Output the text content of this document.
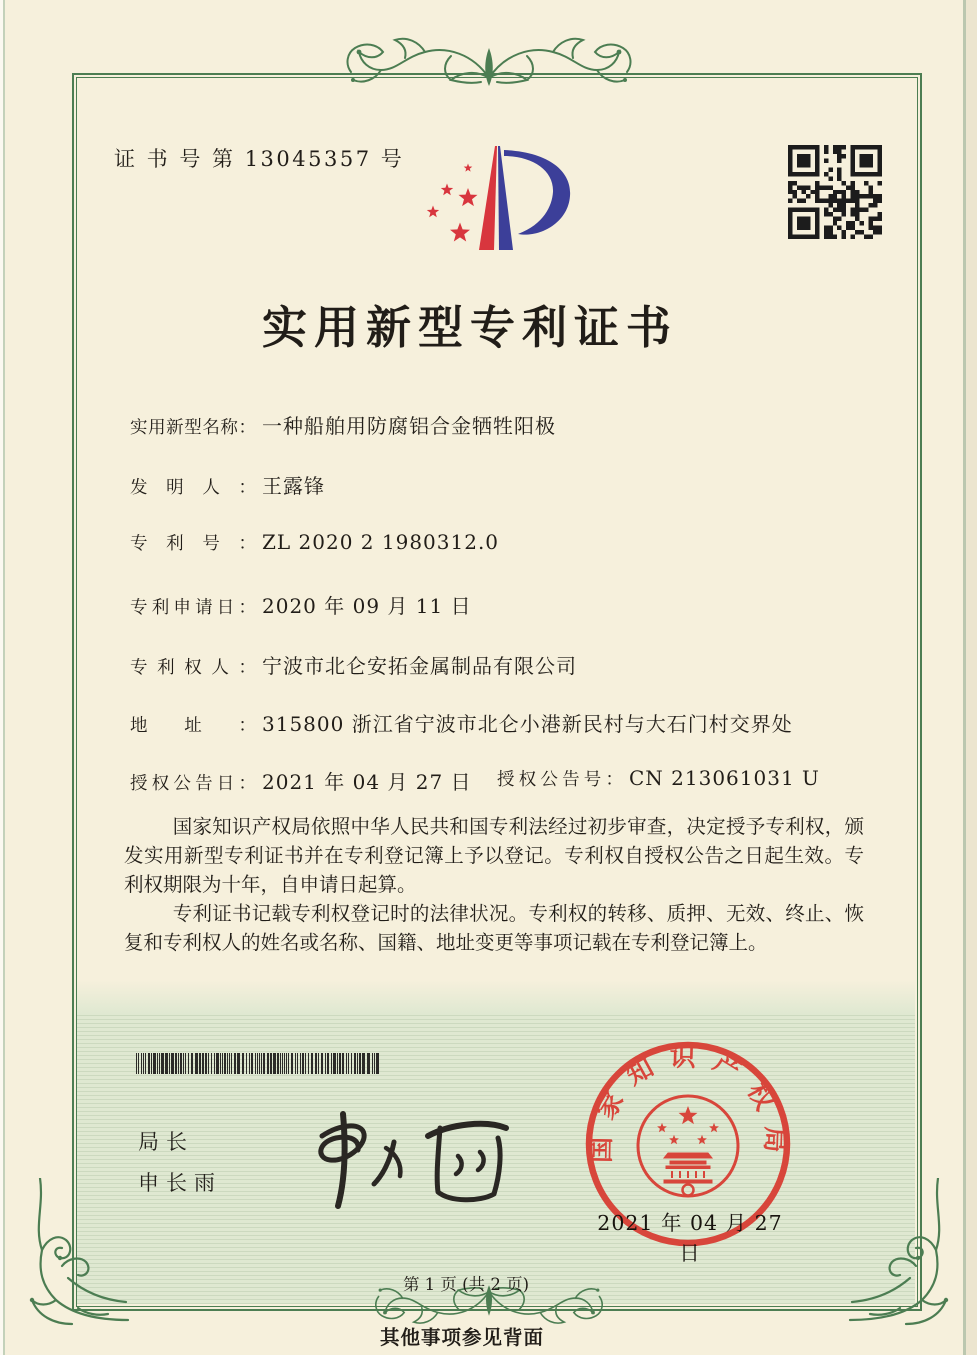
证 书 号 第 13045357 号
实用新型专利证书
实用新型名称： 一种船舶用防腐铝合金牺牲阳极
发明人： 王露锋
专利号： ZL 2020 2 1980312.0
专利申请日： 2020 年 09 月 11 日
专利权人： 宁波市北仑安拓金属制品有限公司
地址： 315800 浙江省宁波市北仑小港新民村与大石门村交界处
授权公告日： 2021 年 04 月 27 日 授权公告号： CN 213061031 U

国家知识产权局依照中华人民共和国专利法经过初步审查，决定授予专利权，颁发实用新型专利证书并在专利登记簿上予以登记。专利权自授权公告之日起生效。专利权期限为十年，自申请日起算。

专利证书记载专利权登记时的法律状况。专利权的转移、质押、无效、终止、恢复和专利权人的姓名或名称、国籍、地址变更等事项记载在专利登记簿上。

局长
申长雨
国家知识产权局
2021 年 04 月 27 日
第 1 页 (共 2 页)
其他事项参见背面
